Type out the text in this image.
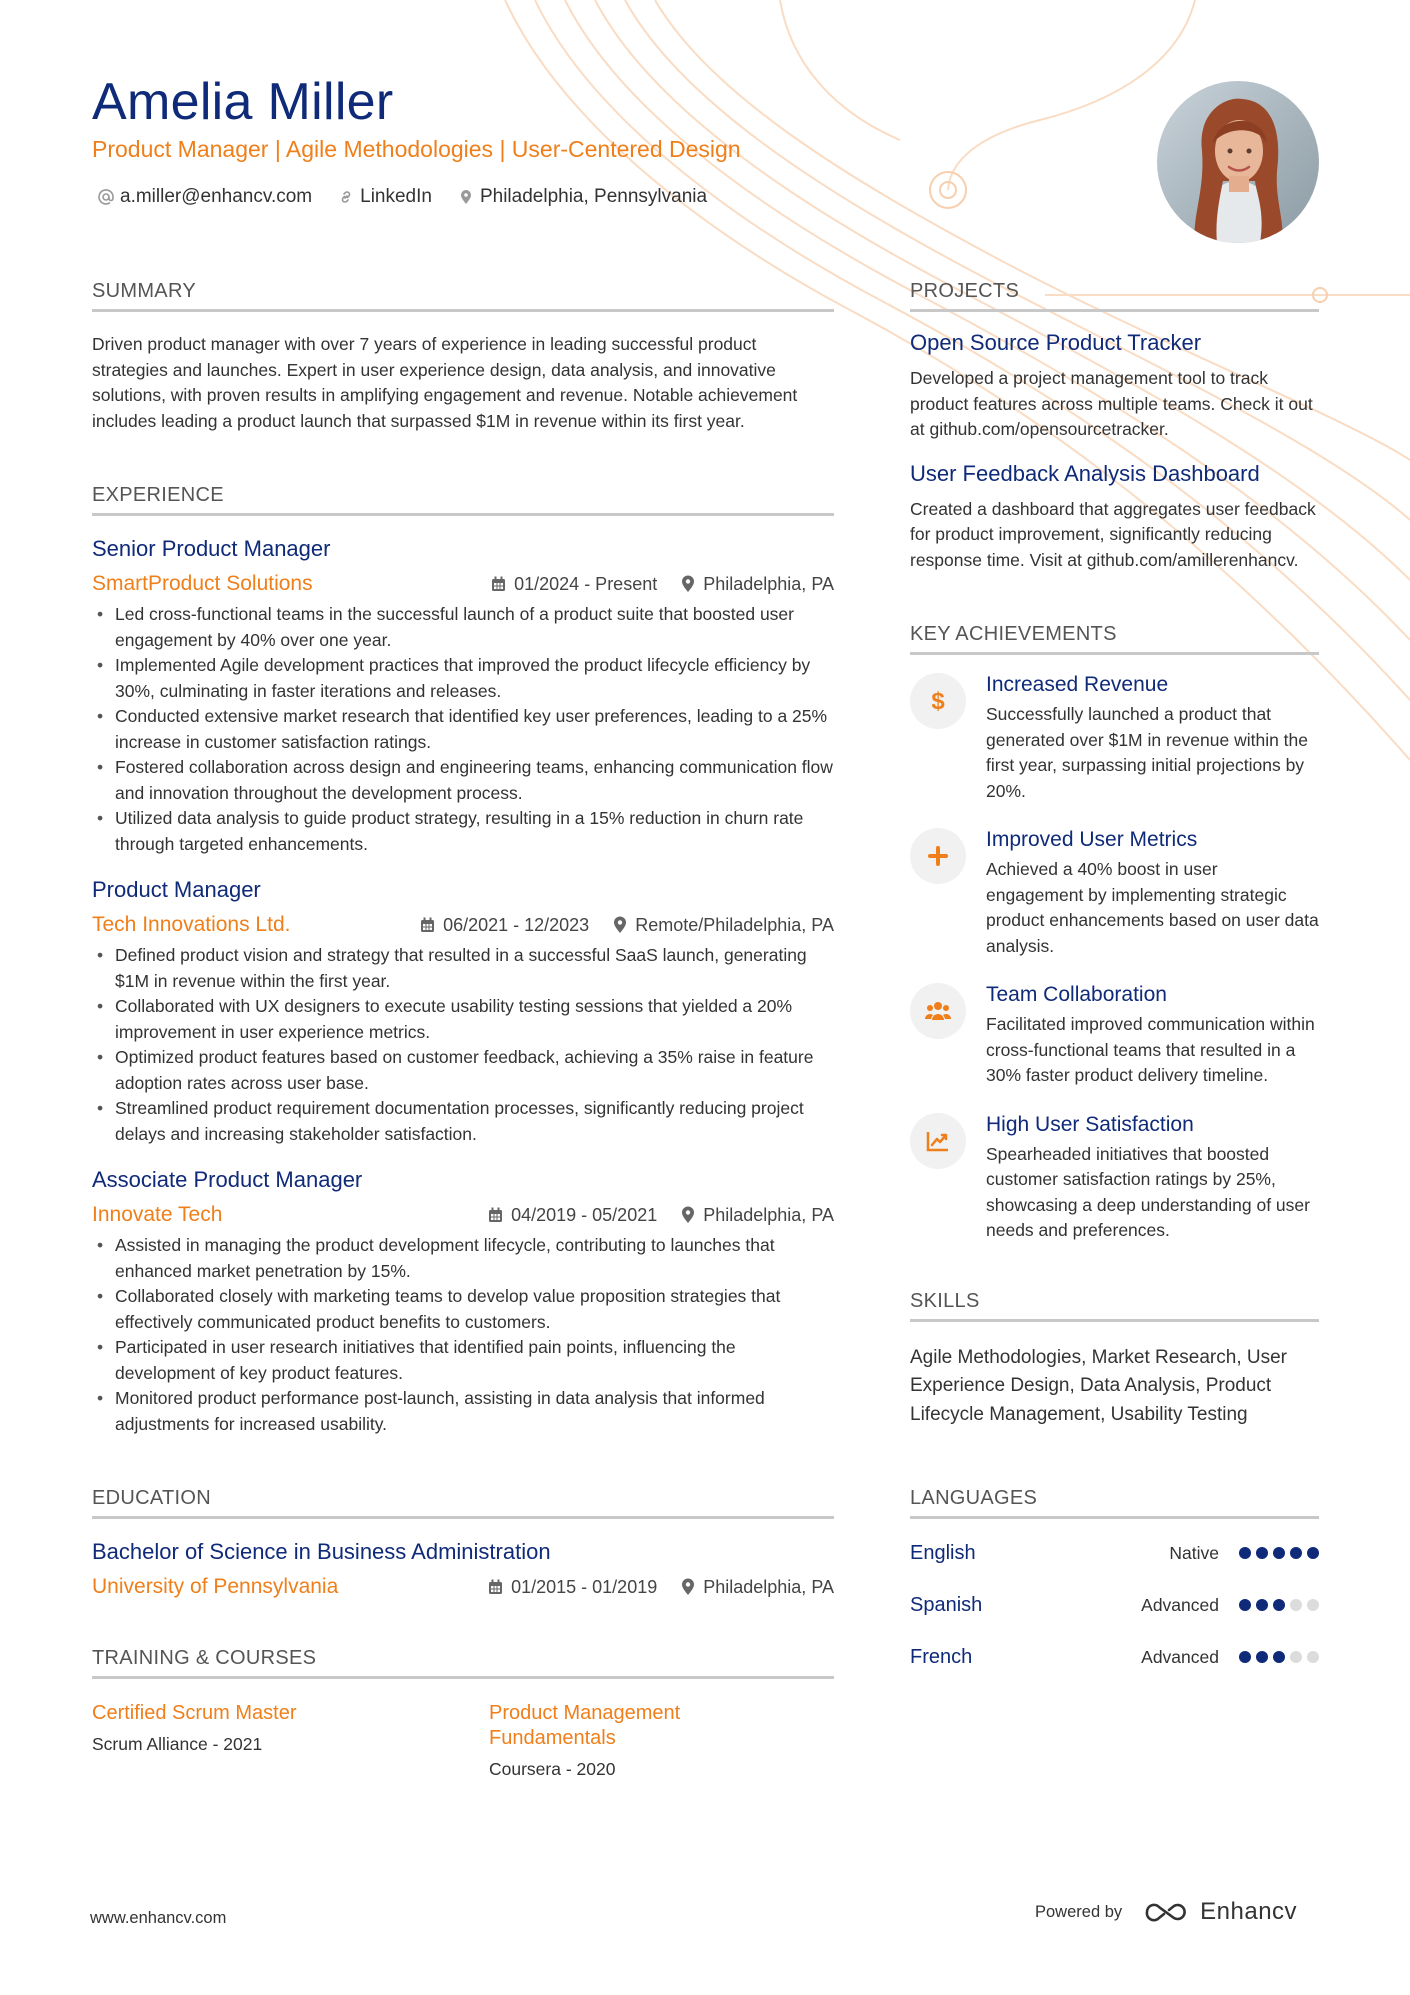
Amelia Miller
Product Manager | Agile Methodologies | User-Centered Design
a.miller@enhancv.com	LinkedIn	Philadelphia, Pennsylvania
SUMMARY
Driven product manager with over 7 years of experience in leading successful product strategies and launches. Expert in user experience design, data analysis, and innovative solutions, with proven results in amplifying engagement and revenue. Notable achievement includes leading a product launch that surpassed $1M in revenue within its first year.
EXPERIENCE
Senior Product Manager
SmartProduct Solutions	01/2024 - Present	Philadelphia, PA
• Led cross-functional teams in the successful launch of a product suite that boosted user engagement by 40% over one year.
• Implemented Agile development practices that improved the product lifecycle efficiency by 30%, culminating in faster iterations and releases.
• Conducted extensive market research that identified key user preferences, leading to a 25% increase in customer satisfaction ratings.
• Fostered collaboration across design and engineering teams, enhancing communication flow and innovation throughout the development process.
• Utilized data analysis to guide product strategy, resulting in a 15% reduction in churn rate through targeted enhancements.
Product Manager
Tech Innovations Ltd.	06/2021 - 12/2023	Remote/Philadelphia, PA
• Defined product vision and strategy that resulted in a successful SaaS launch, generating $1M in revenue within the first year.
• Collaborated with UX designers to execute usability testing sessions that yielded a 20% improvement in user experience metrics.
• Optimized product features based on customer feedback, achieving a 35% raise in feature adoption rates across user base.
• Streamlined product requirement documentation processes, significantly reducing project delays and increasing stakeholder satisfaction.
Associate Product Manager
Innovate Tech	04/2019 - 05/2021	Philadelphia, PA
• Assisted in managing the product development lifecycle, contributing to launches that enhanced market penetration by 15%.
• Collaborated closely with marketing teams to develop value proposition strategies that effectively communicated product benefits to customers.
• Participated in user research initiatives that identified pain points, influencing the development of key product features.
• Monitored product performance post-launch, assisting in data analysis that informed adjustments for increased usability.
EDUCATION
Bachelor of Science in Business Administration
University of Pennsylvania	01/2015 - 01/2019	Philadelphia, PA
TRAINING & COURSES
Certified Scrum Master
Scrum Alliance - 2021
Product Management Fundamentals
Coursera - 2020
PROJECTS
Open Source Product Tracker
Developed a project management tool to track product features across multiple teams. Check it out at github.com/opensourcetracker.
User Feedback Analysis Dashboard
Created a dashboard that aggregates user feedback for product improvement, significantly reducing response time. Visit at github.com/amillerenhancv.
KEY ACHIEVEMENTS
$
Increased Revenue
Successfully launched a product that generated over $1M in revenue within the first year, surpassing initial projections by 20%.
Improved User Metrics
Achieved a 40% boost in user engagement by implementing strategic product enhancements based on user data analysis.
Team Collaboration
Facilitated improved communication within cross-functional teams that resulted in a 30% faster product delivery timeline.
High User Satisfaction
Spearheaded initiatives that boosted customer satisfaction ratings by 25%, showcasing a deep understanding of user needs and preferences.
SKILLS
Agile Methodologies, Market Research, User Experience Design, Data Analysis, Product Lifecycle Management, Usability Testing
LANGUAGES
English	Native
Spanish	Advanced
French	Advanced
www.enhancv.com	Powered by	Enhancv
